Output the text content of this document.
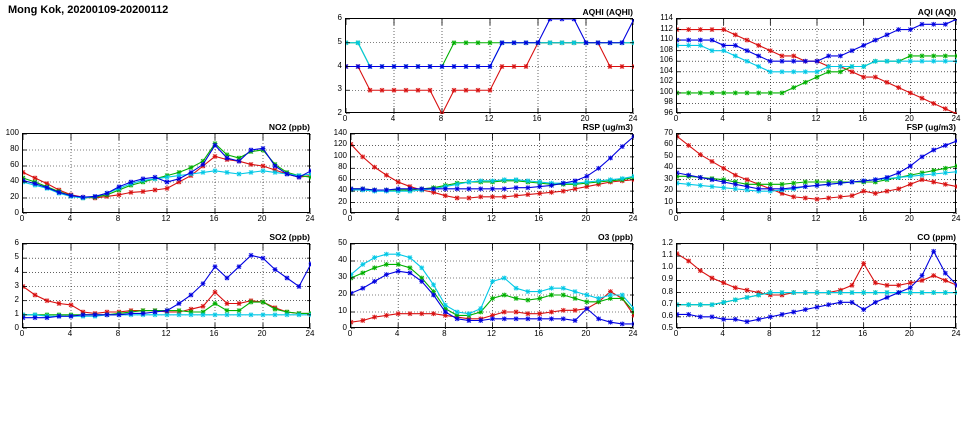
Mong Kok, 20200109-20200112	AQHI (AQHI)
0	4	8	12	16	20	24
2
3
4
5
6
AQI (AQI)
0	4	8	12	16	20	24
96
98
100
102
104
106
108
110
112
114
NO2 (ppb)
0	4	8	12	16	20	24
0
20
40
60
80
100
RSP (ug/m3)
0	4	8	12	16	20	24
0
20
40
60
80
100
120
140
FSP (ug/m3)
0	4	8	12	16	20	24
0
10
20
30
40
50
60
70
SO2 (ppb)
0	4	8	12	16	20	24
0
1
2
3
4
5
6
O3 (ppb)
0	4	8	12	16	20	24
0
10
20
30
40
50
CO (ppm)
0	4	8	12	16	20	24
0.5
0.6
0.7
0.8
0.9
1.0
1.1
1.2
